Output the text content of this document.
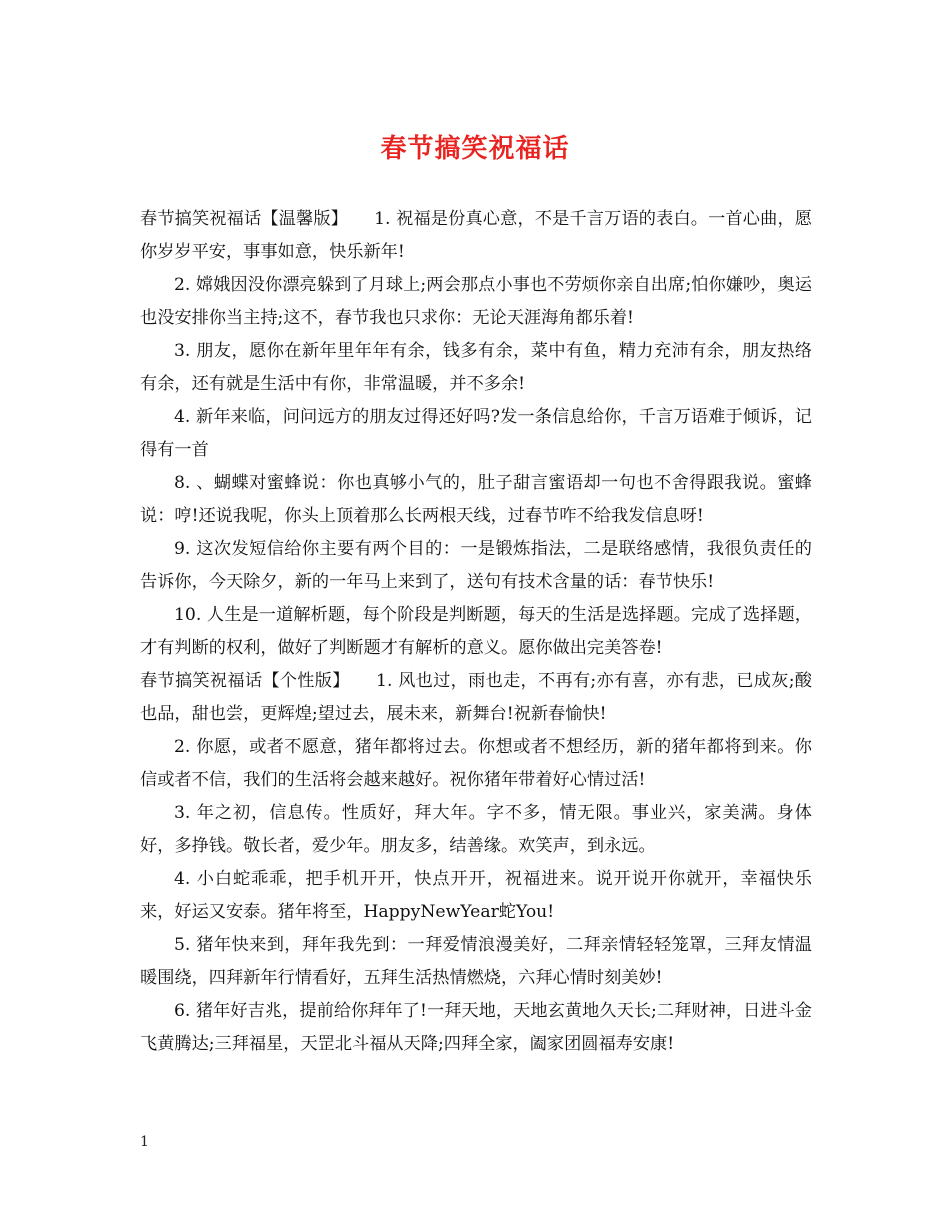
春节搞笑祝福话

春节搞笑祝福话【温馨版】　　1. 祝福是份真心意，不是千言万语的表白。一首心曲，愿你岁岁平安，事事如意，快乐新年!

2. 嫦娥因没你漂亮躲到了月球上;两会那点小事也不劳烦你亲自出席;怕你嫌吵，奥运也没安排你当主持;这不，春节我也只求你：无论天涯海角都乐着!

3. 朋友，愿你在新年里年年有余，钱多有余，菜中有鱼，精力充沛有余，朋友热络有余，还有就是生活中有你，非常温暖，并不多余!

4. 新年来临，问问远方的朋友过得还好吗?发一条信息给你，千言万语难于倾诉，记得有一首

8. 、蝴蝶对蜜蜂说：你也真够小气的，肚子甜言蜜语却一句也不舍得跟我说。蜜蜂说：哼!还说我呢，你头上顶着那么长两根天线，过春节咋不给我发信息呀!

9. 这次发短信给你主要有两个目的：一是锻炼指法，二是联络感情，我很负责任的告诉你，今天除夕，新的一年马上来到了，送句有技术含量的话：春节快乐!

10. 人生是一道解析题，每个阶段是判断题，每天的生活是选择题。完成了选择题，才有判断的权利，做好了判断题才有解析的意义。愿你做出完美答卷!

春节搞笑祝福话【个性版】　　1. 风也过，雨也走，不再有;亦有喜，亦有悲，已成灰;酸也品，甜也尝，更辉煌;望过去，展未来，新舞台!祝新春愉快!

2. 你愿，或者不愿意，猪年都将过去。你想或者不想经历，新的猪年都将到来。你信或者不信，我们的生活将会越来越好。祝你猪年带着好心情过活!

3. 年之初，信息传。性质好，拜大年。字不多，情无限。事业兴，家美满。身体好，多挣钱。敬长者，爱少年。朋友多，结善缘。欢笑声，到永远。

4. 小白蛇乖乖，把手机开开，快点开开，祝福进来。说开说开你就开，幸福快乐来，好运又安泰。猪年将至，HappyNewYear蛇You!

5. 猪年快来到，拜年我先到：一拜爱情浪漫美好，二拜亲情轻轻笼罩，三拜友情温暖围绕，四拜新年行情看好，五拜生活热情燃烧，六拜心情时刻美妙!

6. 猪年好吉兆，提前给你拜年了!一拜天地，天地玄黄地久天长;二拜财神，日进斗金飞黄腾达;三拜福星，天罡北斗福从天降;四拜全家，阖家团圆福寿安康!

1
